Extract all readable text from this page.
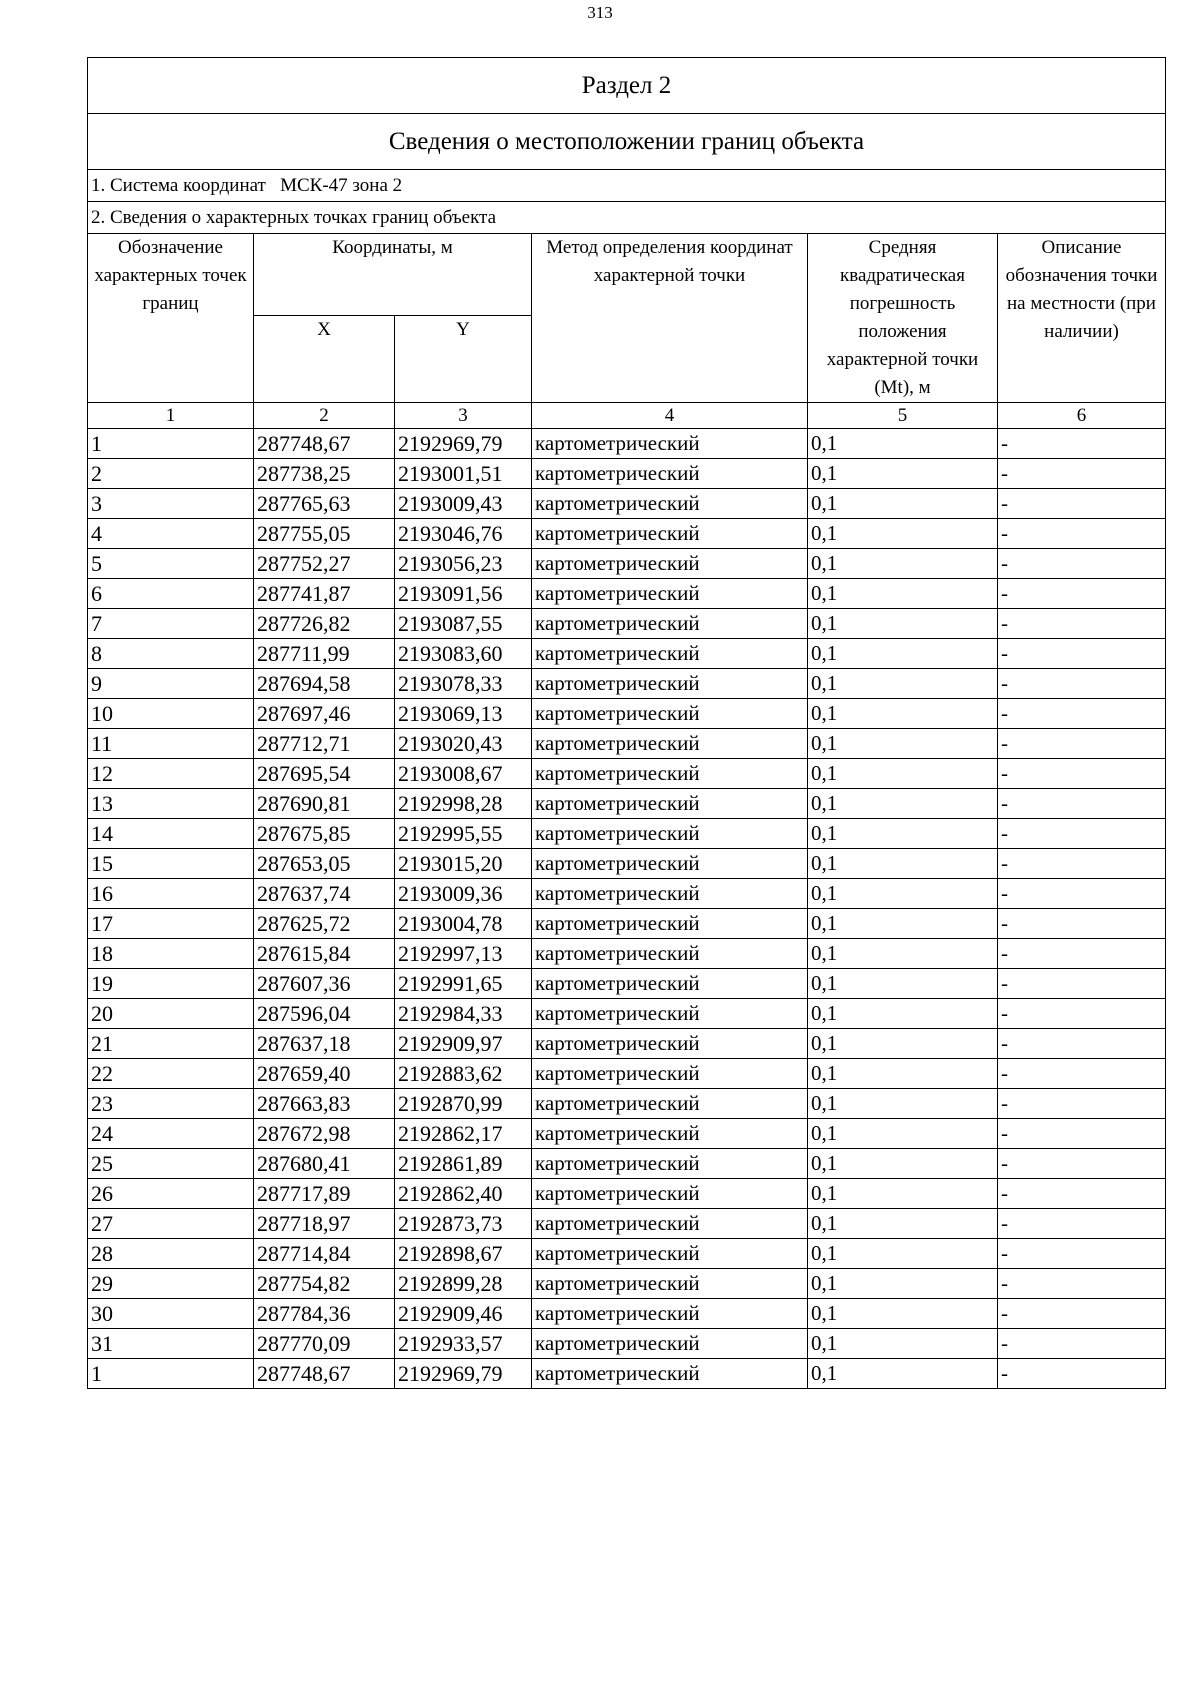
313
Раздел 2					
Сведения о местоположении границ объекта					
1. Система координат   МСК-47 зона 2					
2. Сведения о характерных точках границ объекта					
Обозначение характерных точек границ	Координаты, м		Метод определения координат характерной точки	Средняя квадратическая погрешность положения характерной точки (Mt), м	Описание обозначения точки на местности (при наличии)
	X	Y			
1	2	3	4	5	6
1	287748,67	2192969,79	картометрический	0,1	-
2	287738,25	2193001,51	картометрический	0,1	-
3	287765,63	2193009,43	картометрический	0,1	-
4	287755,05	2193046,76	картометрический	0,1	-
5	287752,27	2193056,23	картометрический	0,1	-
6	287741,87	2193091,56	картометрический	0,1	-
7	287726,82	2193087,55	картометрический	0,1	-
8	287711,99	2193083,60	картометрический	0,1	-
9	287694,58	2193078,33	картометрический	0,1	-
10	287697,46	2193069,13	картометрический	0,1	-
11	287712,71	2193020,43	картометрический	0,1	-
12	287695,54	2193008,67	картометрический	0,1	-
13	287690,81	2192998,28	картометрический	0,1	-
14	287675,85	2192995,55	картометрический	0,1	-
15	287653,05	2193015,20	картометрический	0,1	-
16	287637,74	2193009,36	картометрический	0,1	-
17	287625,72	2193004,78	картометрический	0,1	-
18	287615,84	2192997,13	картометрический	0,1	-
19	287607,36	2192991,65	картометрический	0,1	-
20	287596,04	2192984,33	картометрический	0,1	-
21	287637,18	2192909,97	картометрический	0,1	-
22	287659,40	2192883,62	картометрический	0,1	-
23	287663,83	2192870,99	картометрический	0,1	-
24	287672,98	2192862,17	картометрический	0,1	-
25	287680,41	2192861,89	картометрический	0,1	-
26	287717,89	2192862,40	картометрический	0,1	-
27	287718,97	2192873,73	картометрический	0,1	-
28	287714,84	2192898,67	картометрический	0,1	-
29	287754,82	2192899,28	картометрический	0,1	-
30	287784,36	2192909,46	картометрический	0,1	-
31	287770,09	2192933,57	картометрический	0,1	-
1	287748,67	2192969,79	картометрический	0,1	-
